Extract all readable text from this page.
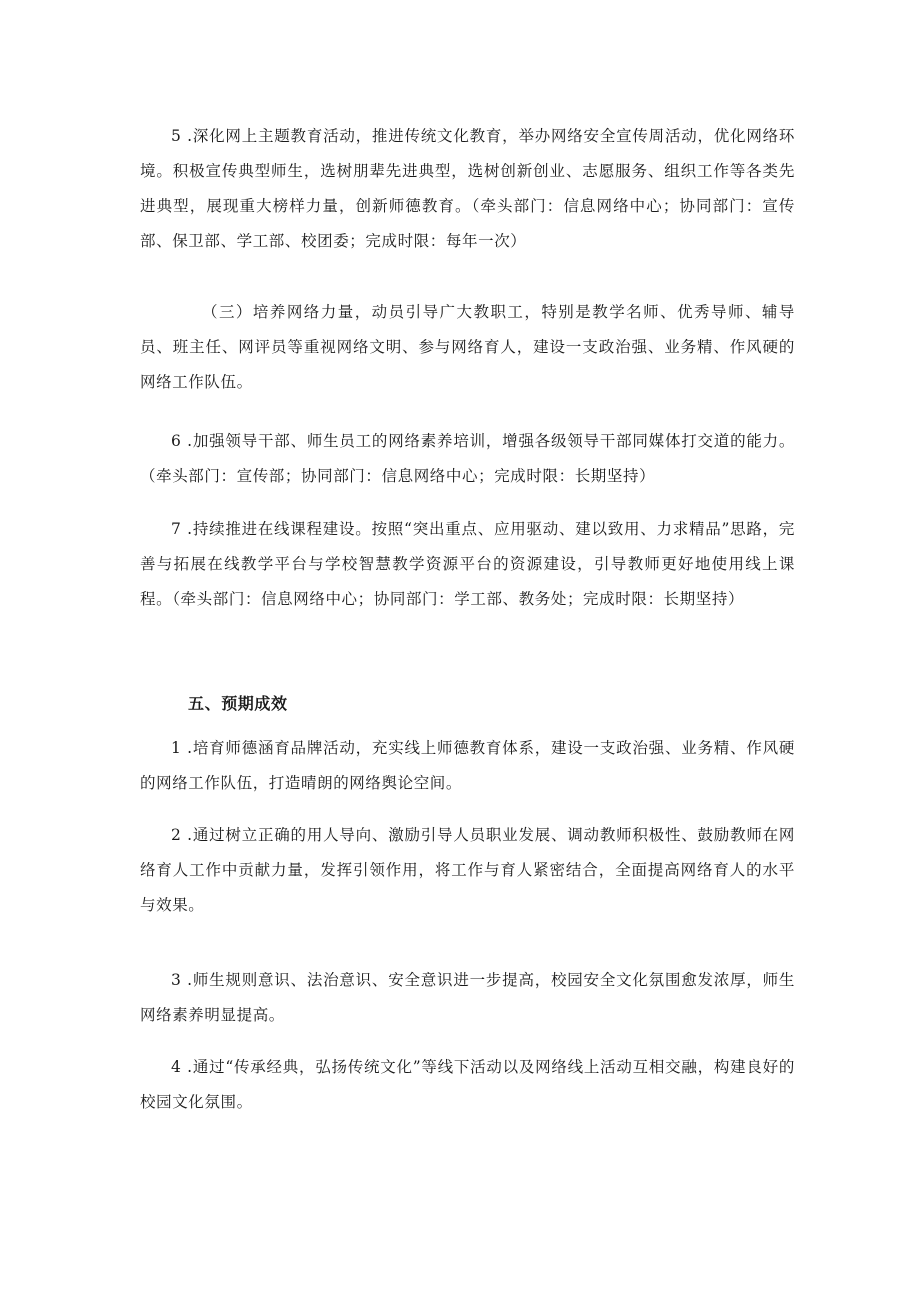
5 .深化网上主题教育活动，推进传统文化教育，举办网络安全宣传周活动，优化网络环境。积极宣传典型师生，选树朋辈先进典型，选树创新创业、志愿服务、组织工作等各类先进典型，展现重大榜样力量，创新师德教育。（牵头部门：信息网络中心；协同部门：宣传部、保卫部、学工部、校团委；完成时限：每年一次）

（三）培养网络力量，动员引导广大教职工，特别是教学名师、优秀导师、辅导员、班主任、网评员等重视网络文明、参与网络育人，建设一支政治强、业务精、作风硬的网络工作队伍。

6 .加强领导干部、师生员工的网络素养培训，增强各级领导干部同媒体打交道的能力。（牵头部门：宣传部；协同部门：信息网络中心；完成时限：长期坚持）

7 .持续推进在线课程建设。按照“突出重点、应用驱动、建以致用、力求精品”思路，完善与拓展在线教学平台与学校智慧教学资源平台的资源建设，引导教师更好地使用线上课程。（牵头部门：信息网络中心；协同部门：学工部、教务处；完成时限：长期坚持）

五、预期成效

1 .培育师德涵育品牌活动，充实线上师德教育体系，建设一支政治强、业务精、作风硬的网络工作队伍，打造晴朗的网络舆论空间。

2 .通过树立正确的用人导向、激励引导人员职业发展、调动教师积极性、鼓励教师在网络育人工作中贡献力量，发挥引领作用，将工作与育人紧密结合，全面提高网络育人的水平与效果。

3 .师生规则意识、法治意识、安全意识进一步提高，校园安全文化氛围愈发浓厚，师生网络素养明显提高。

4 .通过“传承经典，弘扬传统文化”等线下活动以及网络线上活动互相交融，构建良好的校园文化氛围。
